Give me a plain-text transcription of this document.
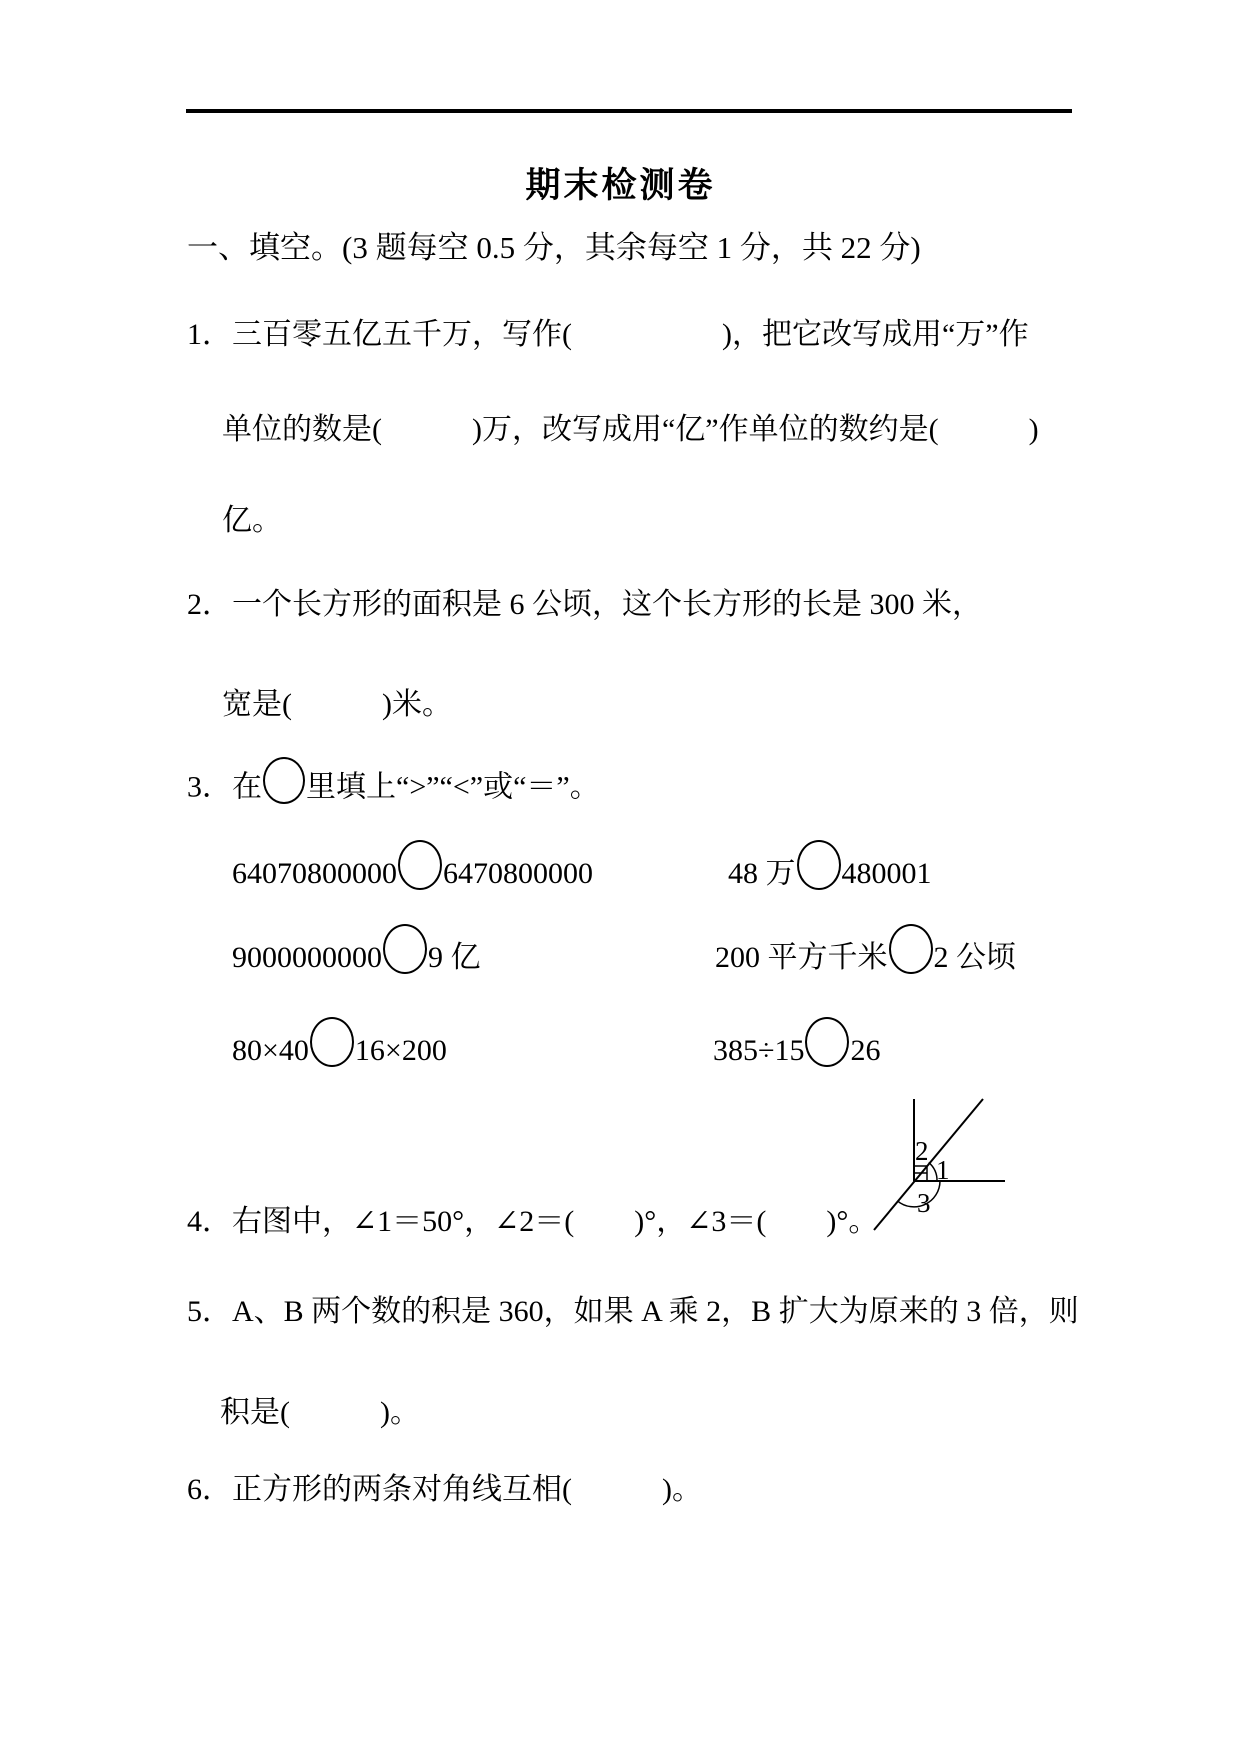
期末检测卷
一、填空。(3 题每空 0.5 分，其余每空 1 分，共 22 分)
1．三百零五亿五千万，写作(　　　　　)，把它改写成用“万”作
单位的数是(　　　)万，改写成用“亿”作单位的数约是(　　　)
亿。
2．一个长方形的面积是 6 公顷，这个长方形的长是 300 米，
宽是(　　　)米。
3．在 里填上“>”“<”或“＝”。
64070800000 6470800000	48 万 480001
9000000000 9 亿	200 平方千米 2 公顷
80×40 16×200	385÷15 26
2
1
3
4．右图中，∠1＝50°，∠2＝(　　)°，∠3＝(　　)°。
5．A、B 两个数的积是 360，如果 A 乘 2，B 扩大为原来的 3 倍，则
积是(　　　)。
6．正方形的两条对角线互相(　　　)。
